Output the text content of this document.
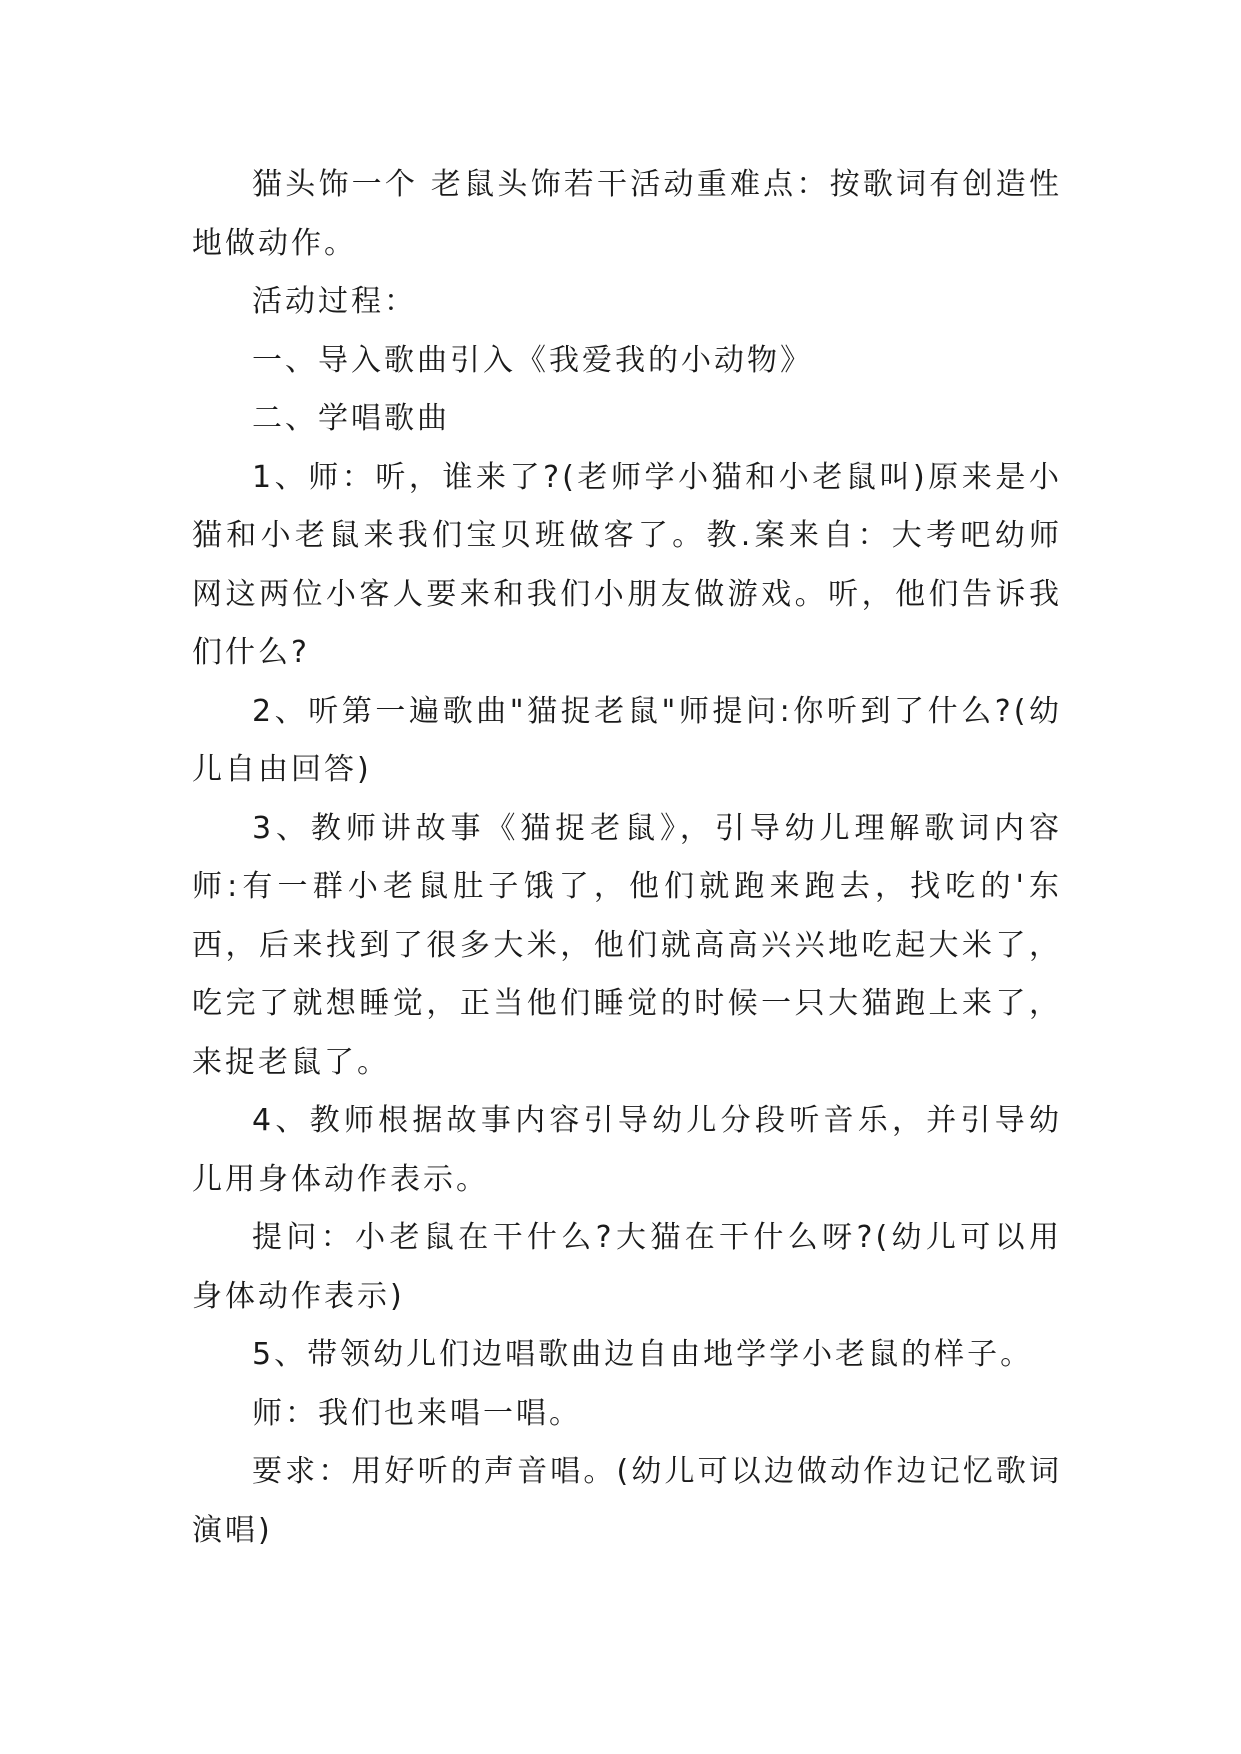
猫头饰一个 老鼠头饰若干活动重难点：按歌词有创造性地做动作。

活动过程：

一、导入歌曲引入《我爱我的小动物》

二、学唱歌曲

1、师：听，谁来了?(老师学小猫和小老鼠叫)原来是小猫和小老鼠来我们宝贝班做客了。教.案来自：大考吧幼师网这两位小客人要来和我们小朋友做游戏。听，他们告诉我们什么?

2、听第一遍歌曲"猫捉老鼠"师提问:你听到了什么?(幼儿自由回答)

3、教师讲故事《猫捉老鼠》，引导幼儿理解歌词内容师:有一群小老鼠肚子饿了，他们就跑来跑去，找吃的'东西，后来找到了很多大米，他们就高高兴兴地吃起大米了，吃完了就想睡觉，正当他们睡觉的时候一只大猫跑上来了，来捉老鼠了。

4、教师根据故事内容引导幼儿分段听音乐，并引导幼儿用身体动作表示。

提问：小老鼠在干什么?大猫在干什么呀?(幼儿可以用身体动作表示)

5、带领幼儿们边唱歌曲边自由地学学小老鼠的样子。

师：我们也来唱一唱。

要求：用好听的声音唱。(幼儿可以边做动作边记忆歌词演唱)
